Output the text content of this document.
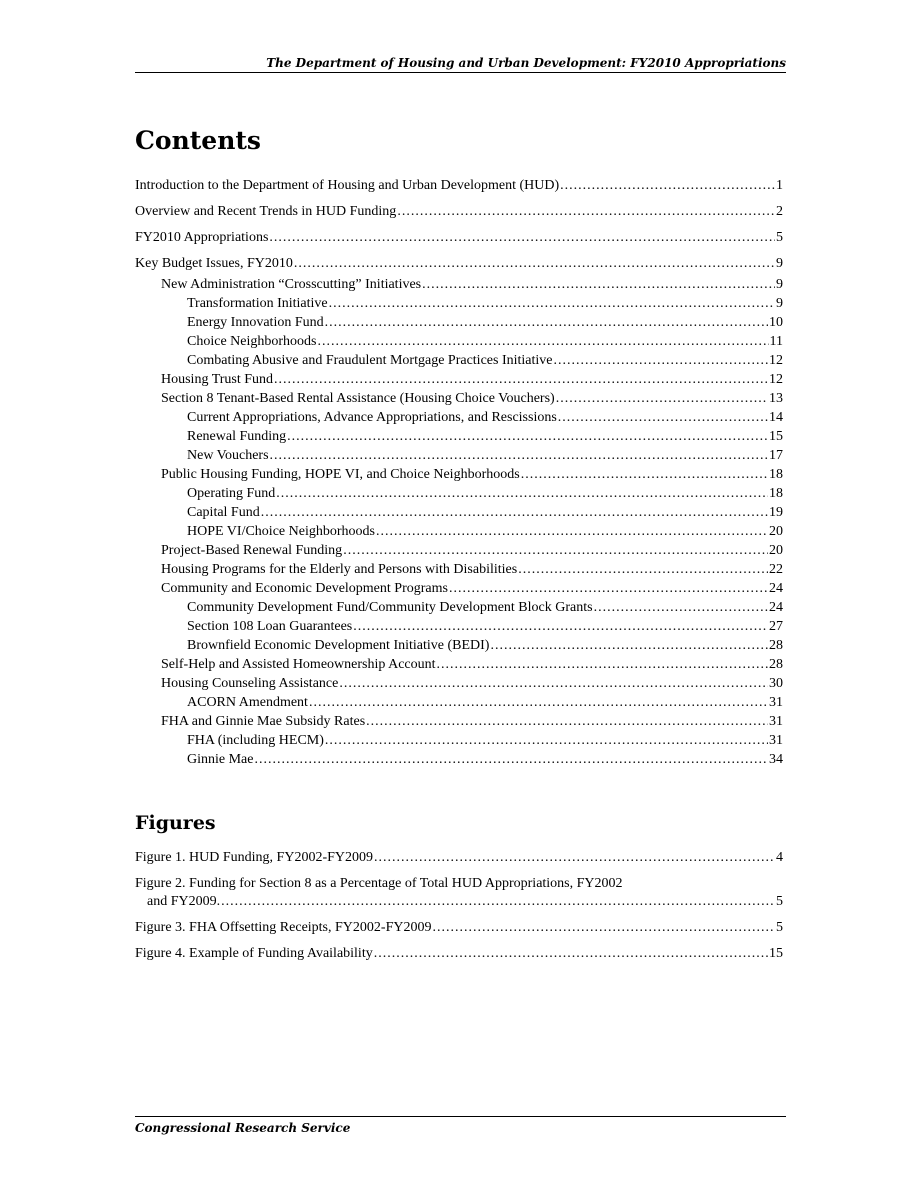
The Department of Housing and Urban Development: FY2010 Appropriations
Contents
Introduction to the Department of Housing and Urban Development (HUD) .....	1
Overview and Recent Trends in HUD Funding .....	2
FY2010 Appropriations .....	5
Key Budget Issues, FY2010 .....	9
New Administration “Crosscutting” Initiatives .....	9
Transformation Initiative .....	9
Energy Innovation Fund .....	10
Choice Neighborhoods .....	11
Combating Abusive and Fraudulent Mortgage Practices Initiative .....	12
Housing Trust Fund .....	12
Section 8 Tenant-Based Rental Assistance (Housing Choice Vouchers) .....	13
Current Appropriations, Advance Appropriations, and Rescissions .....	14
Renewal Funding .....	15
New Vouchers .....	17
Public Housing Funding, HOPE VI, and Choice Neighborhoods .....	18
Operating Fund .....	18
Capital Fund .....	19
HOPE VI/Choice Neighborhoods .....	20
Project-Based Renewal Funding .....	20
Housing Programs for the Elderly and Persons with Disabilities .....	22
Community and Economic Development Programs .....	24
Community Development Fund/Community Development Block Grants .....	24
Section 108 Loan Guarantees .....	27
Brownfield Economic Development Initiative (BEDI) .....	28
Self-Help and Assisted Homeownership Account .....	28
Housing Counseling Assistance .....	30
ACORN Amendment .....	31
FHA and Ginnie Mae Subsidy Rates .....	31
FHA (including HECM) .....	31
Ginnie Mae .....	34
Figures
Figure 1. HUD Funding, FY2002-FY2009 .....	4
Figure 2. Funding for Section 8 as a Percentage of Total HUD Appropriations, FY2002
and FY2009 .....	5
Figure 3. FHA Offsetting Receipts, FY2002-FY2009 .....	5
Figure 4. Example of Funding Availability .....	15
Congressional Research Service
